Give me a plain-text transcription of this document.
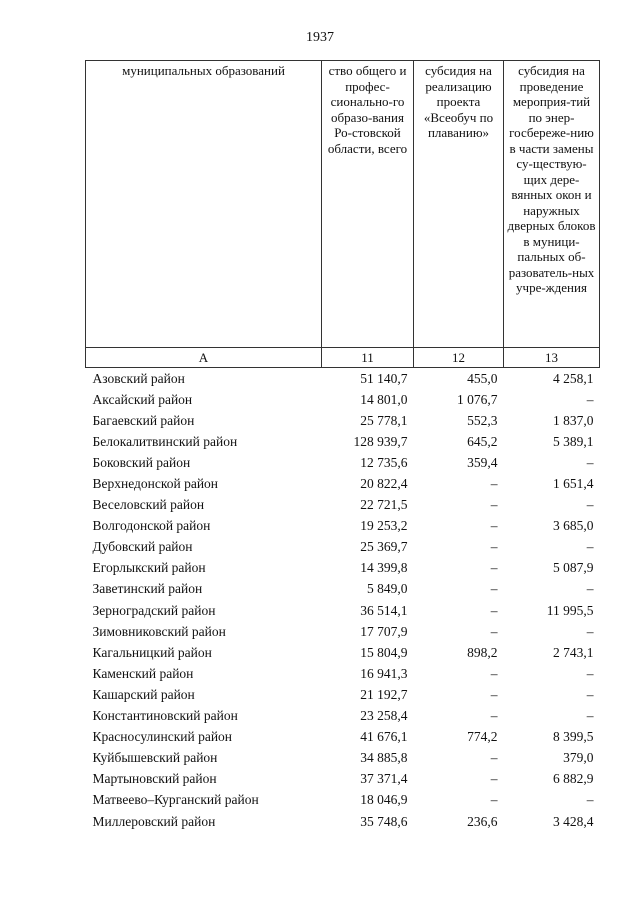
1937
муниципальных образований	ство общего и профес-сионально-го образо-вания Ро-стовской области, всего	субсидия на реализацию проекта «Всеобуч по плаванию»	субсидия на проведение мероприя-тий по энер-госбереже-нию в части замены су-ществую-щих дере-вянных окон и наружных дверных блоков в муници-пальных об-разователь-ных учре-ждения
А	11	12	13
Азовский район	51 140,7	455,0	4 258,1
Аксайский район	14 801,0	1 076,7	–
Багаевский район	25 778,1	552,3	1 837,0
Белокалитвинский район	128 939,7	645,2	5 389,1
Боковский район	12 735,6	359,4	–
Верхнедонской район	20 822,4	–	1 651,4
Веселовский район	22 721,5	–	–
Волгодонской район	19 253,2	–	3 685,0
Дубовский район	25 369,7	–	–
Егорлыкский район	14 399,8	–	5 087,9
Заветинский район	5 849,0	–	–
Зерноградский район	36 514,1	–	11 995,5
Зимовниковский район	17 707,9	–	–
Кагальницкий район	15 804,9	898,2	2 743,1
Каменский район	16 941,3	–	–
Кашарский район	21 192,7	–	–
Константиновский район	23 258,4	–	–
Красносулинский район	41 676,1	774,2	8 399,5
Куйбышевский район	34 885,8	–	379,0
Мартыновский район	37 371,4	–	6 882,9
Матвеево–Курганский район	18 046,9	–	–
Миллеровский район	35 748,6	236,6	3 428,4
